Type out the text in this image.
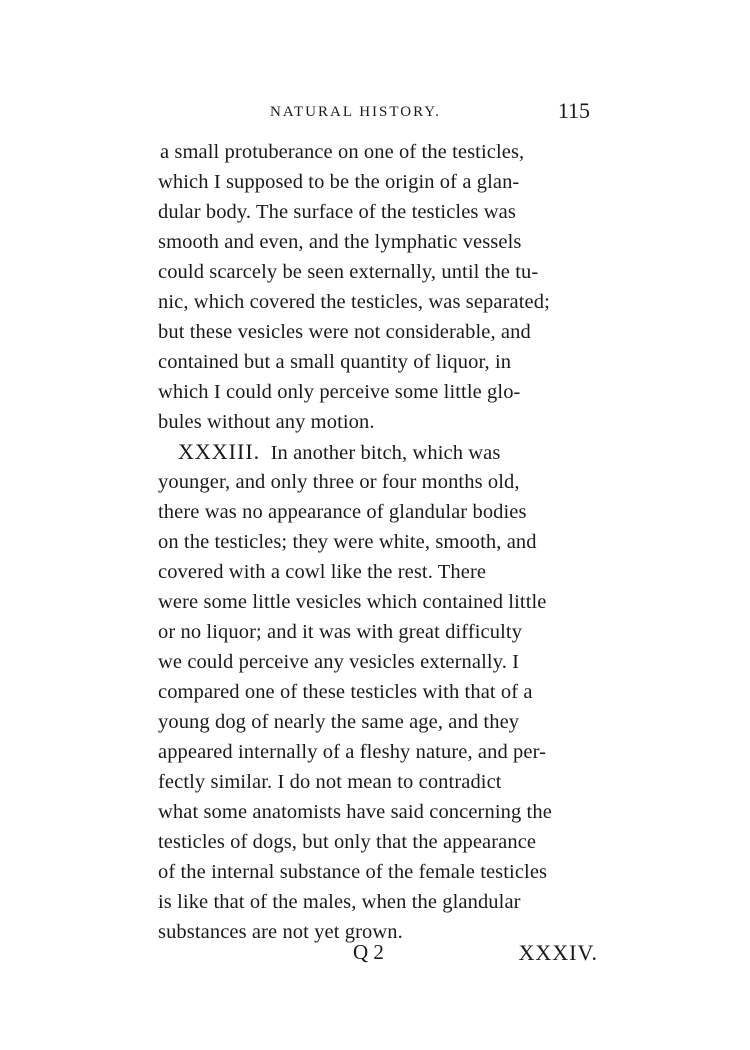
NATURAL HISTORY.	115
a small protuberance on one of the testicles,
which I supposed to be the origin of a glan-
dular body. The surface of the testicles was
smooth and even, and the lymphatic vessels
could scarcely be seen externally, until the tu-
nic, which covered the testicles, was separated;
but these vesicles were not considerable, and
contained but a small quantity of liquor, in
which I could only perceive some little glo-
bules without any motion.
XXXIII. In another bitch, which was
younger, and only three or four months old,
there was no appearance of glandular bodies
on the testicles; they were white, smooth, and
covered with a cowl like the rest. There
were some little vesicles which contained little
or no liquor; and it was with great difficulty
we could perceive any vesicles externally. I
compared one of these testicles with that of a
young dog of nearly the same age, and they
appeared internally of a fleshy nature, and per-
fectly similar. I do not mean to contradict
what some anatomists have said concerning the
testicles of dogs, but only that the appearance
of the internal substance of the female testicles
is like that of the males, when the glandular
substances are not yet grown.
Q 2	XXXIV.
